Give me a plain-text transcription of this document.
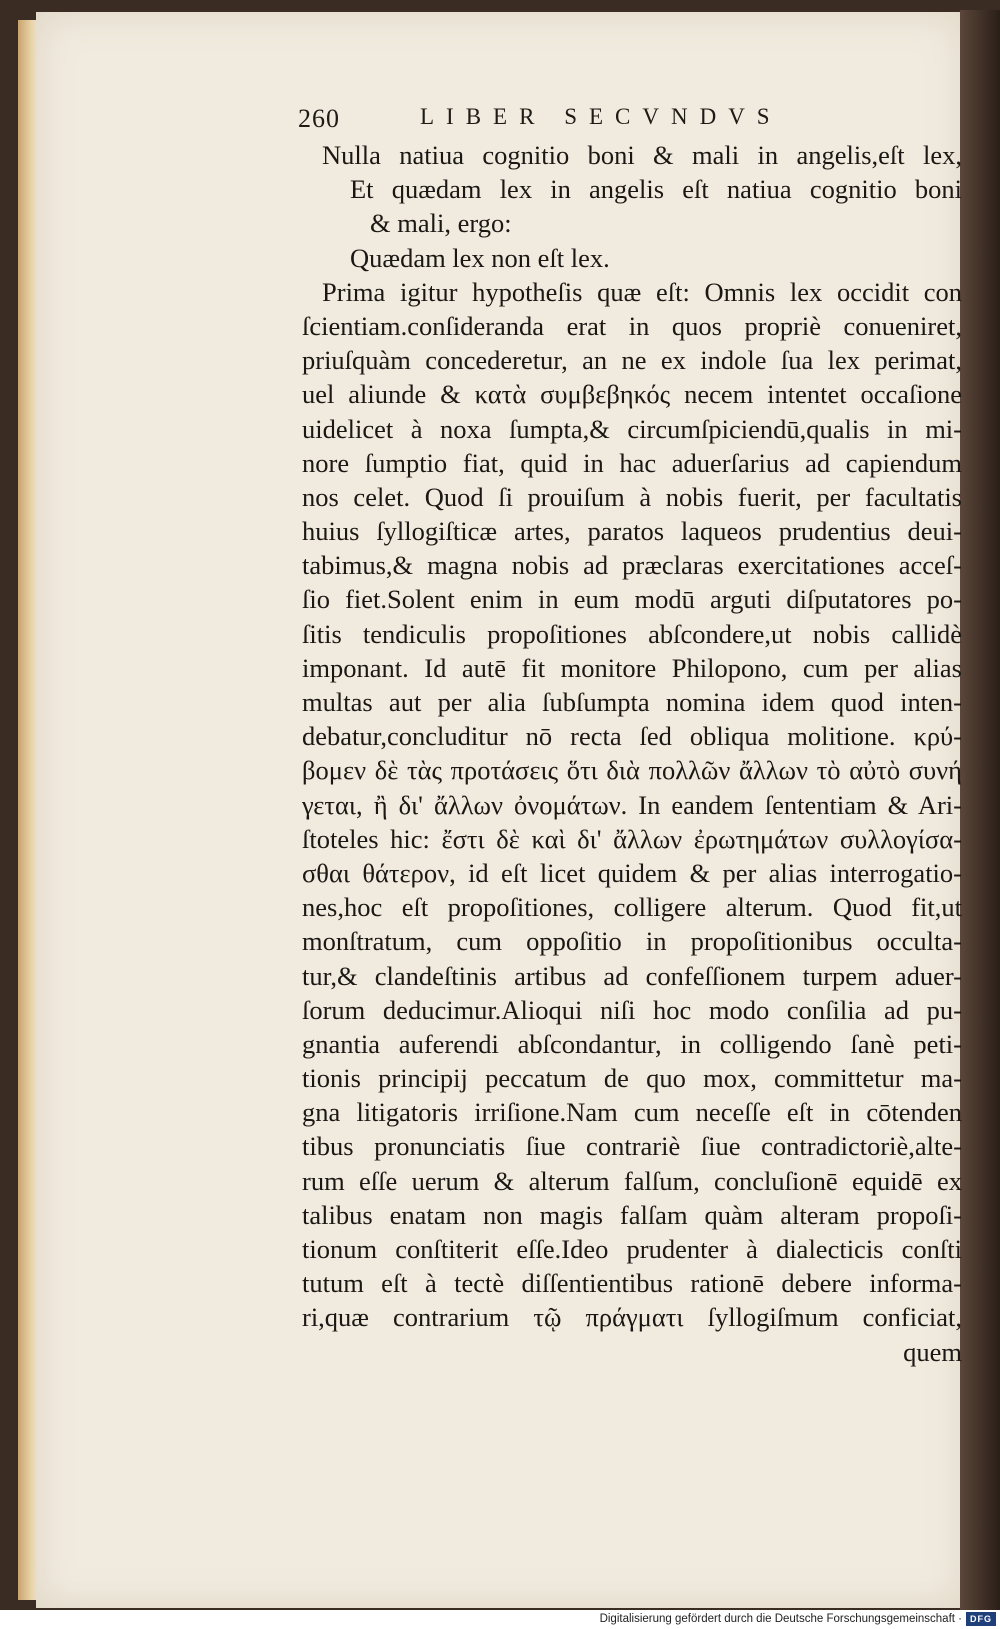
260	LIBER SECVNDVS
Nulla natiua cognitio boni & mali in angelis,eſt lex,
Et quædam lex in angelis eſt natiua cognitio boni
& mali, ergo:
Quædam lex non eſt lex.
Prima igitur hypotheſis quæ eſt: Omnis lex occidit con
ſcientiam.conſideranda erat in quos propriè conueniret,
priuſquàm concederetur, an ne ex indole ſua lex perimat,
uel aliunde & κατὰ συμβεβηκός necem intentet occaſione
uidelicet à noxa ſumpta,& circumſpiciendū,qualis in mi-
nore ſumptio fiat, quid in hac aduerſarius ad capiendum
nos celet. Quod ſi prouiſum à nobis fuerit, per facultatis
huius ſyllogiſticæ artes, paratos laqueos prudentius deui-
tabimus,& magna nobis ad præclaras exercitationes acceſ-
ſio fiet.Solent enim in eum modū arguti diſputatores po-
ſitis tendiculis propoſitiones abſcondere,ut nobis callidè
imponant. Id autē fit monitore Philopono, cum per alias
multas aut per alia ſubſumpta nomina idem quod inten-
debatur,concluditur nō recta ſed obliqua molitione. κρύ-
βομεν δὲ τὰς προτάσεις ὅτι διὰ πολλῶν ἄλλων τὸ αὐτὸ συνή
γεται, ἢ δι' ἄλλων ὀνομάτων. In eandem ſententiam & Ari-
ſtoteles hic: ἔστι δὲ καὶ δι' ἄλλων ἐρωτημάτων συλλογίσα-
σθαι θάτερον, id eſt licet quidem & per alias interrogatio-
nes,hoc eſt propoſitiones, colligere alterum. Quod fit,ut
monſtratum, cum oppoſitio in propoſitionibus occulta-
tur,& clandeſtinis artibus ad confeſſionem turpem aduer-
ſorum deducimur.Alioqui niſi hoc modo conſilia ad pu-
gnantia auferendi abſcondantur, in colligendo ſanè peti-
tionis principij peccatum de quo mox, committetur ma-
gna litigatoris irriſione.Nam cum neceſſe eſt in cōtenden
tibus pronunciatis ſiue contrariè ſiue contradictoriè,alte-
rum eſſe uerum & alterum falſum, concluſionē equidē ex
talibus enatam non magis falſam quàm alteram propoſi-
tionum conſtiterit eſſe.Ideo prudenter à dialecticis conſti
tutum eſt à tectè diſſentientibus rationē debere informa-
ri,quæ contrarium τῷ πράγματι ſyllogiſmum conficiat,
quem
Digitalisierung gefördert durch die Deutsche Forschungsgemeinschaft · DFG
